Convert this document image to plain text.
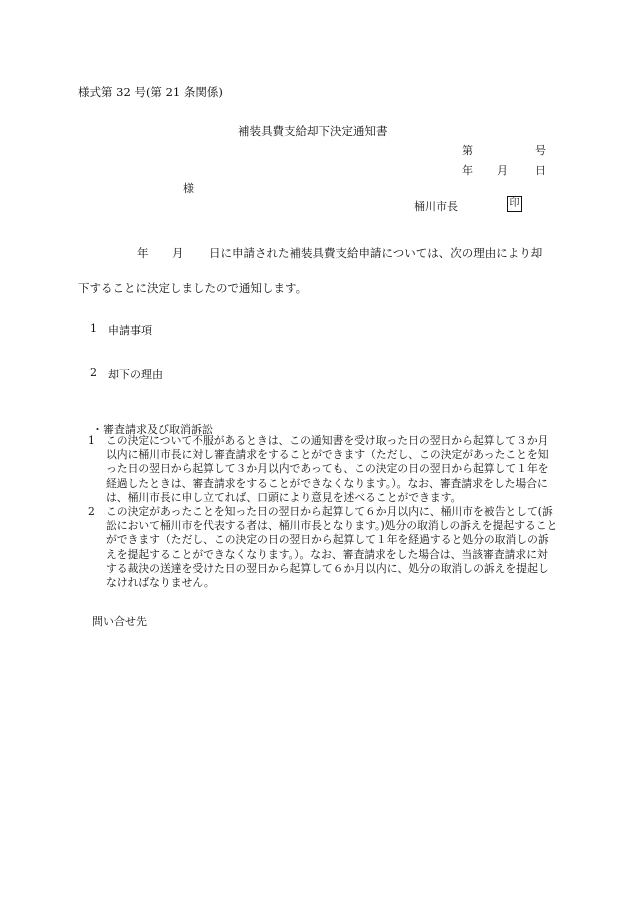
様式第 32 号(第 21 条関係)
補装具費支給却下決定通知書
第	号
年 月 日
様
桶川市長	印
年 月 日に申請された補装具費支給申請については、次の理由により却
下することに決定しましたので通知します。
1 申請事項
2 却下の理由
・審査請求及び取消訴訟
1 この決定について不服があるときは、この通知書を受け取った日の翌日から起算して３か月以内に桶川市長に対し審査請求をすることができます（ただし、この決定があったことを知った日の翌日から起算して３か月以内であっても、この決定の日の翌日から起算して１年を経過したときは、審査請求をすることができなくなります。）。なお、審査請求をした場合には、桶川市長に申し立てれば、口頭により意見を述べることができます。
2 この決定があったことを知った日の翌日から起算して６か月以内に、桶川市を被告として(訴訟において桶川市を代表する者は、桶川市長となります。)処分の取消しの訴えを提起することができます（ただし、この決定の日の翌日から起算して１年を経過すると処分の取消しの訴えを提起することができなくなります。）。なお、審査請求をした場合は、当該審査請求に対する裁決の送達を受けた日の翌日から起算して６か月以内に、処分の取消しの訴えを提起しなければなりません。
問い合せ先
